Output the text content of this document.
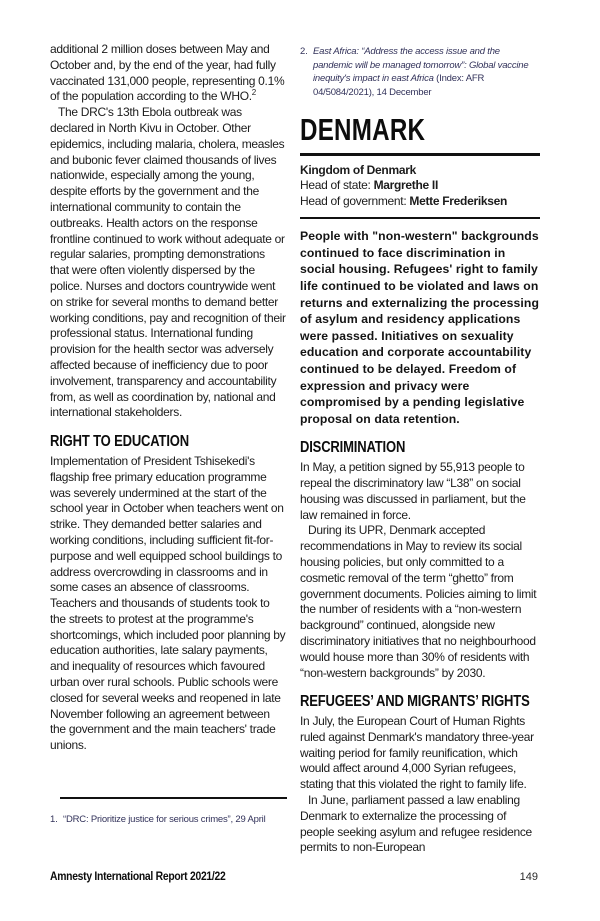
additional 2 million doses between May and October and, by the end of the year, had fully vaccinated 131,000 people, representing 0.1% of the population according to the WHO.$^2$

The DRC's 13th Ebola outbreak was declared in North Kivu in October. Other epidemics, including malaria, cholera, measles and bubonic fever claimed thousands of lives nationwide, especially among the young, despite efforts by the government and the international community to contain the outbreaks. Health actors on the response frontline continued to work without adequate or regular salaries, prompting demonstrations that were often violently dispersed by the police. Nurses and doctors countrywide went on strike for several months to demand better working conditions, pay and recognition of their professional status. International funding provision for the health sector was adversely affected because of inefficiency due to poor involvement, transparency and accountability from, as well as coordination by, national and international stakeholders.

RIGHT TO EDUCATION

Implementation of President Tshisekedi's flagship free primary education programme was severely undermined at the start of the school year in October when teachers went on strike. They demanded better salaries and working conditions, including sufficient fit-for-purpose and well equipped school buildings to address overcrowding in classrooms and in some cases an absence of classrooms. Teachers and thousands of students took to the streets to protest at the programme's shortcomings, which included poor planning by education authorities, late salary payments, and inequality of resources which favoured urban over rural schools. Public schools were closed for several weeks and reopened in late November following an agreement between the government and the main teachers' trade unions.

1. “DRC: Prioritize justice for serious crimes”, 29 April
2. East Africa: “Address the access issue and the pandemic will be managed tomorrow”: Global vaccine inequity's impact in east Africa (Index: AFR 04/5084/2021), 14 December
DENMARK
Kingdom of Denmark
Head of state: Margrethe II
Head of government: Mette Frederiksen

People with "non-western" backgrounds continued to face discrimination in social housing. Refugees' right to family life continued to be violated and laws on returns and externalizing the processing of asylum and residency applications were passed. Initiatives on sexuality education and corporate accountability continued to be delayed. Freedom of expression and privacy were compromised by a pending legislative proposal on data retention.

DISCRIMINATION

In May, a petition signed by 55,913 people to repeal the discriminatory law “L38” on social housing was discussed in parliament, but the law remained in force.

During its UPR, Denmark accepted recommendations in May to review its social housing policies, but only committed to a cosmetic removal of the term “ghetto” from government documents. Policies aiming to limit the number of residents with a “non-western background” continued, alongside new discriminatory initiatives that no neighbourhood would house more than 30% of residents with “non-western backgrounds” by 2030.

REFUGEES’ AND MIGRANTS’ RIGHTS

In July, the European Court of Human Rights ruled against Denmark's mandatory three-year waiting period for family reunification, which would affect around 4,000 Syrian refugees, stating that this violated the right to family life.

In June, parliament passed a law enabling Denmark to externalize the processing of people seeking asylum and refugee residence permits to non-European

Amnesty International Report 2021/22	149
